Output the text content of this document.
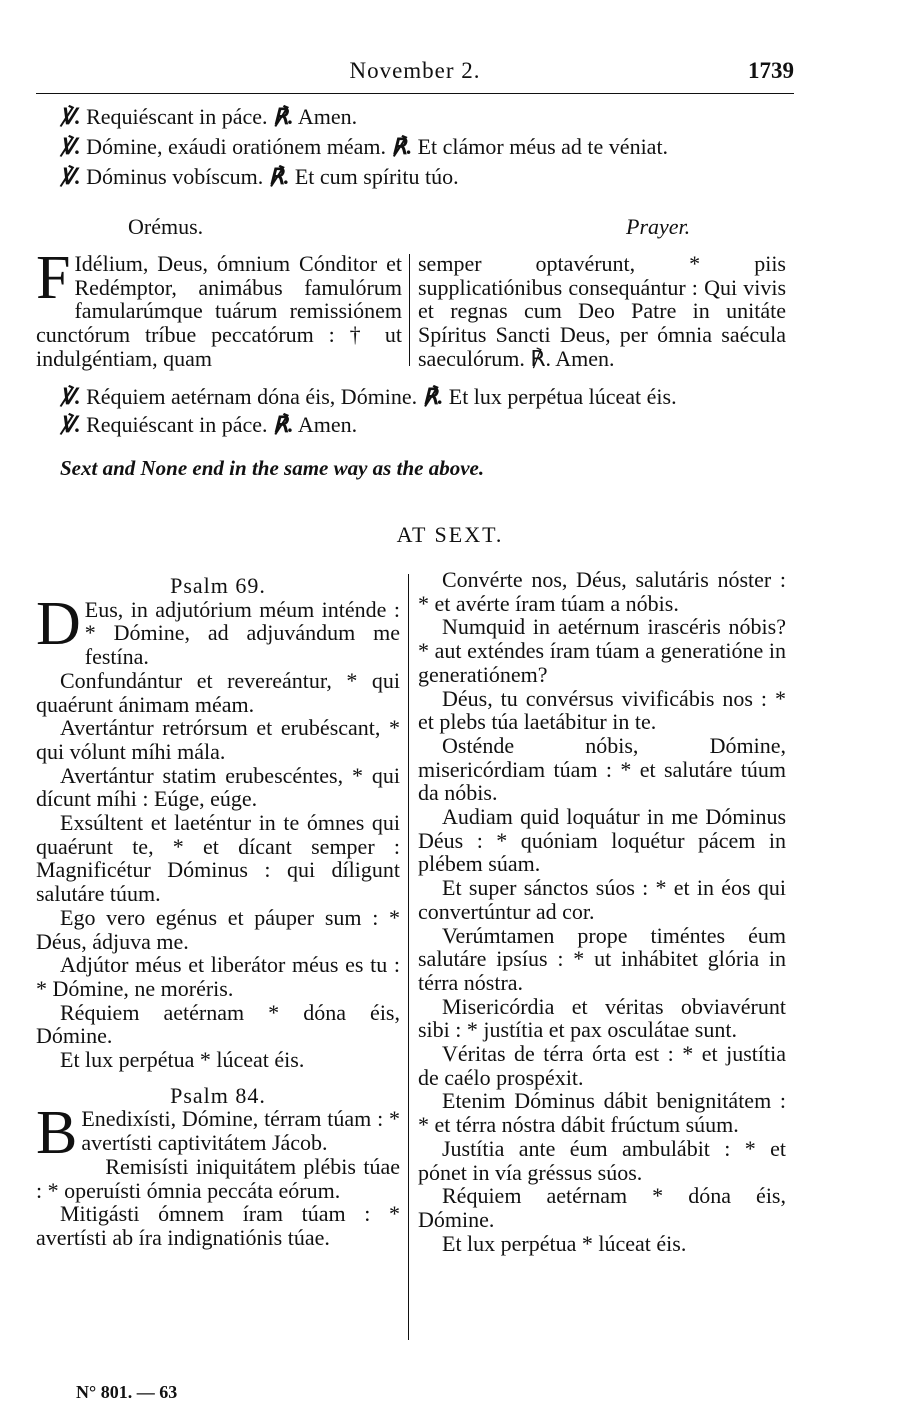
November 2.	1739
℣. Requiéscant in páce. ℟. Amen.
℣. Dómine, exáudi oratiónem méam. ℟. Et clámor méus ad te véniat.
℣. Dóminus vobíscum. ℟. Et cum spíritu túo.
Orémus.	Prayer.
F Idélium, Deus, ómnium Cónditor et Redémptor, animábus famulórum famularúmque tuárum remissiónem cunctórum tríbue peccatórum : † ut indulgéntiam, quam
semper optavérunt, * piis supplicatiónibus consequántur : Qui vivis et regnas cum Deo Patre in unitáte Spíritus Sancti Deus, per ómnia saécula saeculórum. ℟. Amen.
℣. Réquiem aetérnam dóna éis, Dómine. ℟. Et lux perpétua lúceat éis.
℣. Requiéscant in páce. ℟. Amen.
Sext and None end in the same way as the above.
AT SEXT.

Psalm 69.

D Eus, in adjutórium méum inténde : * Dómine, ad adjuvándum me festína.

Confundántur et revereántur, * qui quaérunt ánimam méam.

Avertántur retrórsum et erubéscant, * qui vólunt míhi mála.

Avertántur statim erubescéntes, * qui dícunt míhi : Eúge, eúge.

Exsúltent et laeténtur in te ómnes qui quaérunt te, * et dícant semper : Magnificétur Dóminus : qui díligunt salutáre túum.

Ego vero egénus et páuper sum : * Déus, ádjuva me.

Adjútor méus et liberátor méus es tu : * Dómine, ne moréris.

Réquiem aetérnam * dóna éis, Dómine.

Et lux perpétua * lúceat éis.

Psalm 84.

B Enedixísti, Dómine, térram túam : * avertísti captivitátem Jácob.

Remisísti iniquitátem plébis túae : * operuísti ómnia peccáta eórum.

Mitigásti ómnem íram túam : * avertísti ab íra indignatiónis túae.

Convérte nos, Déus, salutáris nóster : * et avérte íram túam a nóbis.

Numquid in aetérnum irascéris nóbis? * aut exténdes íram túam a generatióne in generatiónem?

Déus, tu convérsus vivificábis nos : * et plebs túa laetábitur in te.

Osténde nóbis, Dómine, misericórdiam túam : * et salutáre túum da nóbis.

Audiam quid loquátur in me Dóminus Déus : * quóniam loquétur pácem in plébem súam.

Et super sánctos súos : * et in éos qui convertúntur ad cor.

Verúmtamen prope timéntes éum salutáre ipsíus : * ut inhábitet glória in térra nóstra.

Misericórdia et véritas obviavérunt sibi : * justítia et pax osculátae sunt.

Véritas de térra órta est : * et justítia de caélo prospéxit.

Etenim Dóminus dábit benignitátem : * et térra nóstra dábit frúctum súum.

Justítia ante éum ambulábit : * et pónet in vía gréssus súos.

Réquiem aetérnam * dóna éis, Dómine.

Et lux perpétua * lúceat éis.

N° 801. — 63
